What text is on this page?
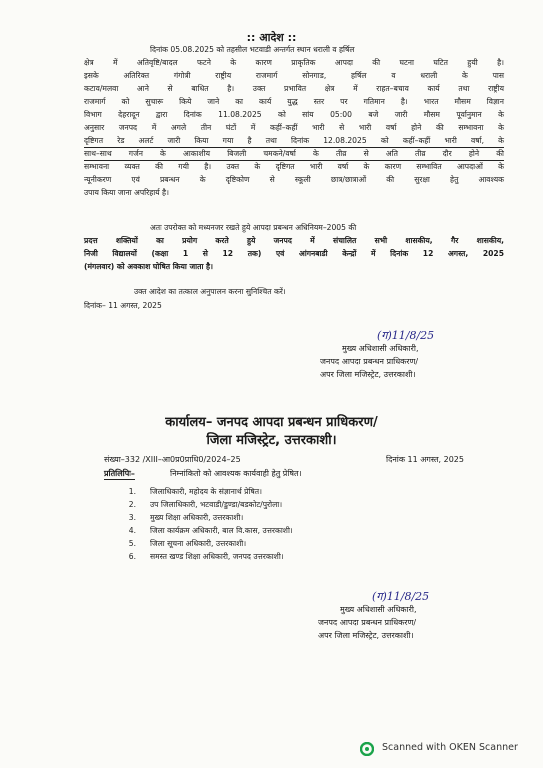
:: आदेश ::
दिनांक 05.08.2025 को तहसील भटवाडी अन्तर्गत स्थान धराली व हर्षिल
क्षेत्र में अतिवृष्टि/बादल फटने के कारण प्राकृतिक आपदा की घटना घटित हुयी है।
इसके अतिरिक्त गंगोत्री राष्ट्रीय राजमार्ग सोनगाड, हर्षिल व धराली के पास
कटाव/मलवा आने से बाधित है। उक्त प्रभावित क्षेत्र में राहत–बचाव कार्य तथा राष्ट्रीय
राजमार्ग को सुचारू किये जाने का कार्य युद्ध स्तर पर गतिमान है। भारत मौसम विज्ञान
विभाग देहरादून द्वारा दिनांक 11.08.2025 को सांय 05:00 बजे जारी मौसम पूर्वानुमान के
अनुसार जनपद में अगले तीन घंटों में कहीं–कहीं भारी से भारी वर्षा होने की सम्भावना के
दृष्टिगत रेड अलर्ट जारी किया गया है तथा दिनांक 12.08.2025 को कहीं–कहीं भारी वर्षा, के
साथ–साथ गर्जन के आकाशीय बिजली चमकने/वर्षा के तीव्र से अति तीव्र दौर होने की
सम्भावना व्यक्त की गयी है। उक्त के दृष्टिगत भारी वर्षा के कारण सम्भावित आपदाओं के
न्यूनीकरण एवं प्रबन्धन के दृष्टिकोण से स्कूली छात्र/छात्राओं की सुरक्षा हेतु आवश्यक
उपाय किया जाना अपरिहार्य है।
अतः उपरोक्त को मध्यनजर रखते हुये आपदा प्रबन्धन अधिनियम–2005 की
प्रदत्त शक्तियों का प्रयोग करते हुये जनपद में संचालित सभी शासकीय, गैर शासकीय,
निजी विद्यालयों (कक्षा 1 से 12 तक) एवं आंगनबाडी केन्द्रों में दिनांक 12 अगस्त, 2025
(मंगलवार) को अवकाश घोषित किया जाता है।
उक्त आदेश का तत्काल अनुपालन करना सुनिश्चित करें।
दिनांक– 11 अगस्त, 2025
(ग)11/8/25
मुख्य अधिशासी अधिकारी,
जनपद आपदा प्रबन्धन प्राधिकरण/
अपर जिला मजिस्ट्रेट, उत्तरकाशी।
कार्यालय– जनपद आपदा प्रबन्धन प्राधिकरण/
जिला मजिस्ट्रेट, उत्तरकाशी।
संख्या–332 /XIII–आ0प्र0प्राधि0/2024–25	दिनांक 11 अगस्त, 2025
प्रतिलिपिः–	निम्नांकितो को आवश्यक कार्यवाही हेतु प्रेषित।
1. जिलाधिकारी, महोदय के संज्ञानार्थ प्रेषित।
2. उप जिलाधिकारी, भटवाडी/डुण्डा/बडकोट/पुरोला।
3. मुख्य शिक्षा अधिकारी, उत्तरकाशी।
4. जिला कार्यक्रम अधिकारी, बाल वि.कास, उत्तरकाशी।
5. जिला सूचना अधिकारी, उत्तरकाशी।
6. समस्त खण्ड शिक्षा अधिकारी, जनपद उत्तरकाशी।
(ग)11/8/25
मुख्य अधिशासी अधिकारी,
जनपद आपदा प्रबन्धन प्राधिकरण/
अपर जिला मजिस्ट्रेट, उत्तरकाशी।
Scanned with OKEN Scanner
